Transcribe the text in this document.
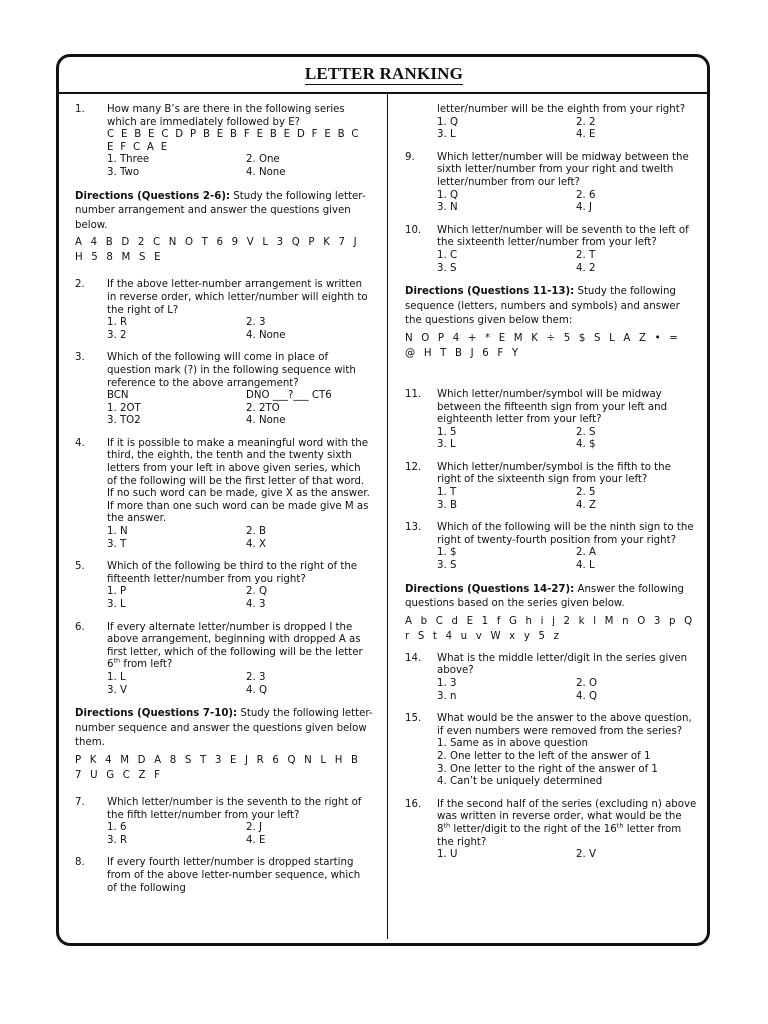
LETTER RANKING
1. How many B’s are there in the following series which are immediately followed by E?
C E B E C D P B E B F E B E D F E B C E F C A E
1. Three	2. One
3. Two	4. None
Directions (Questions 2-6): Study the following letter-number arrangement and answer the questions given below.
A 4 B D 2 C N O T 6 9 V L 3 Q P K 7 J H 5 8 M S E
2. If the above letter-number arrangement is written in reverse order, which letter/number will eighth to the right of L?
1. R	2. 3
3. 2	4. None
3. Which of the following will come in place of question mark (?) in the following sequence with reference to the above arrangement?
BCN	DNO ___?___ CT6
1. 2OT	2. 2TO
3. TO2	4. None
4. If it is possible to make a meaningful word with the third, the eighth, the tenth and the twenty sixth letters from your left in above given series, which of the following will be the first letter of that word. If no such word can be made, give X as the answer. If more than one such word can be made give M as the answer.
1. N	2. B
3. T	4. X
5. Which of the following be third to the right of the fifteenth letter/number from you right?
1. P	2. Q
3. L	4. 3
6. If every alternate letter/number is dropped I the above arrangement, beginning with dropped A as first letter, which of the following will be the letter 6th from left?
1. L	2. 3
3. V	4. Q
Directions (Questions 7-10): Study the following letter-number sequence and answer the questions given below them.
P K 4 M D A 8 S T 3 E J R 6 Q N L H B 7 U G C Z F
7. Which letter/number is the seventh to the right of the fifth letter/number from your left?
1. 6	2. J
3. R	4. E
8. If every fourth letter/number is dropped starting from of the above letter-number sequence, which of the following
letter/number will be the eighth from your right?
1. Q	2. 2
3. L	4. E
9. Which letter/number will be midway between the sixth letter/number from your right and twelth letter/number from our left?
1. Q	2. 6
3. N	4. J
10. Which letter/number will be seventh to the left of the sixteenth letter/number from your left?
1. C	2. T
3. S	4. 2
Directions (Questions 11-13): Study the following sequence (letters, numbers and symbols) and answer the questions given below them:
N O P 4 + * E M K ÷ 5 $ S L A Z • = @ H T B J 6 F Y
11. Which letter/number/symbol will be midway between the fifteenth sign from your left and eighteenth letter from your left?
1. 5	2. S
3. L	4. $
12. Which letter/number/symbol is the fifth to the right of the sixteenth sign from your left?
1. T	2. 5
3. B	4. Z
13. Which of the following will be the ninth sign to the right of twenty-fourth position from your right?
1. $	2. A
3. S	4. L
Directions (Questions 14-27): Answer the following questions based on the series given below.
A b C d E 1 f G h i j 2 k l M n O 3 p Q r S t 4 u v W x y 5 z
14. What is the middle letter/digit in the series given above?
1. 3	2. O
3. n	4. Q
15. What would be the answer to the above question, if even numbers were removed from the series?
1. Same as in above question
2. One letter to the left of the answer of 1
3. One letter to the right of the answer of 1
4. Can’t be uniquely determined
16. If the second half of the series (excluding n) above was written in reverse order, what would be the 8th letter/digit to the right of the 16th letter from the right?
1. U	2. V
